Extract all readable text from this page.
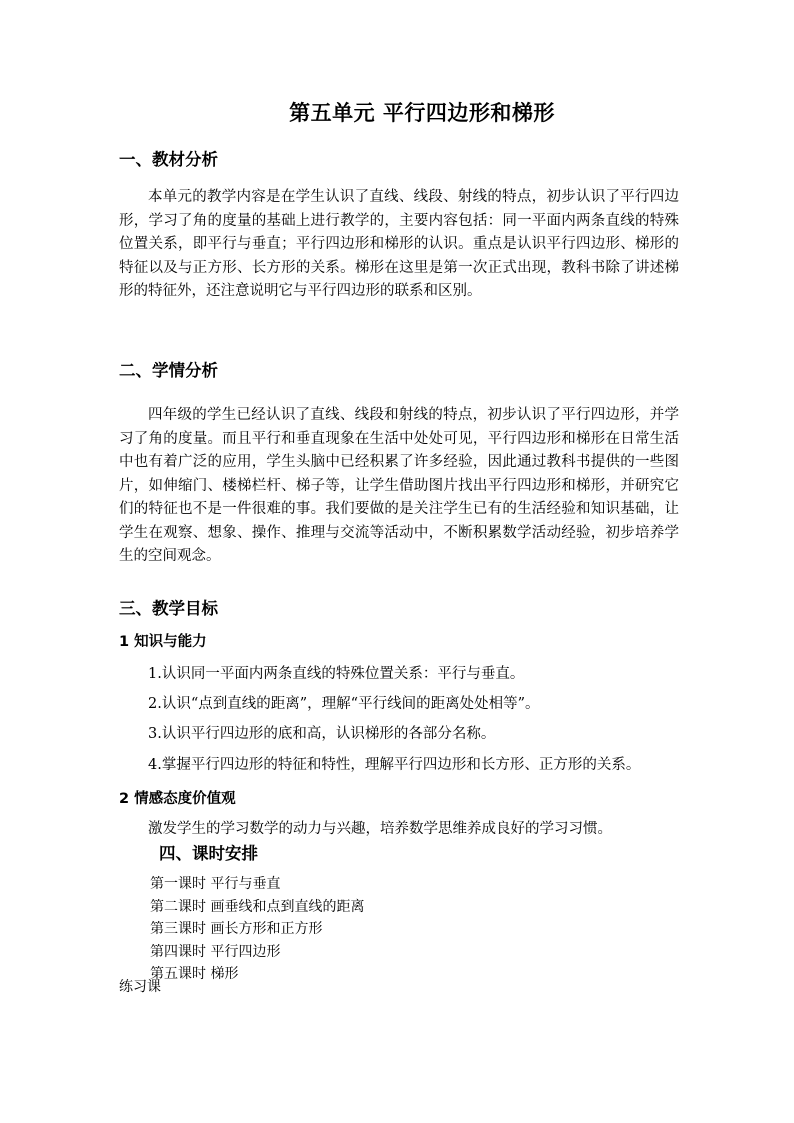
第五单元 平行四边形和梯形
一、教材分析
本单元的教学内容是在学生认识了直线、线段、射线的特点，初步认识了平行四边形，学习了角的度量的基础上进行教学的，主要内容包括：同一平面内两条直线的特殊位置关系，即平行与垂直；平行四边形和梯形的认识。重点是认识平行四边形、梯形的特征以及与正方形、长方形的关系。梯形在这里是第一次正式出现，教科书除了讲述梯形的特征外，还注意说明它与平行四边形的联系和区别。
二、学情分析
四年级的学生已经认识了直线、线段和射线的特点，初步认识了平行四边形，并学习了角的度量。而且平行和垂直现象在生活中处处可见，平行四边形和梯形在日常生活中也有着广泛的应用，学生头脑中已经积累了许多经验，因此通过教科书提供的一些图片，如伸缩门、楼梯栏杆、梯子等，让学生借助图片找出平行四边形和梯形，并研究它们的特征也不是一件很难的事。我们要做的是关注学生已有的生活经验和知识基础，让学生在观察、想象、操作、推理与交流等活动中，不断积累数学活动经验，初步培养学生的空间观念。
三、教学目标
1 知识与能力
1.认识同一平面内两条直线的特殊位置关系：平行与垂直。
2.认识“点到直线的距离”，理解“平行线间的距离处处相等”。
3.认识平行四边形的底和高，认识梯形的各部分名称。
4.掌握平行四边形的特征和特性，理解平行四边形和长方形、正方形的关系。
2 情感态度价值观
激发学生的学习数学的动力与兴趣，培养数学思维养成良好的学习习惯。
四、课时安排
第一课时 平行与垂直
第二课时 画垂线和点到直线的距离
第三课时 画长方形和正方形
第四课时 平行四边形
第五课时 梯形
练习课
